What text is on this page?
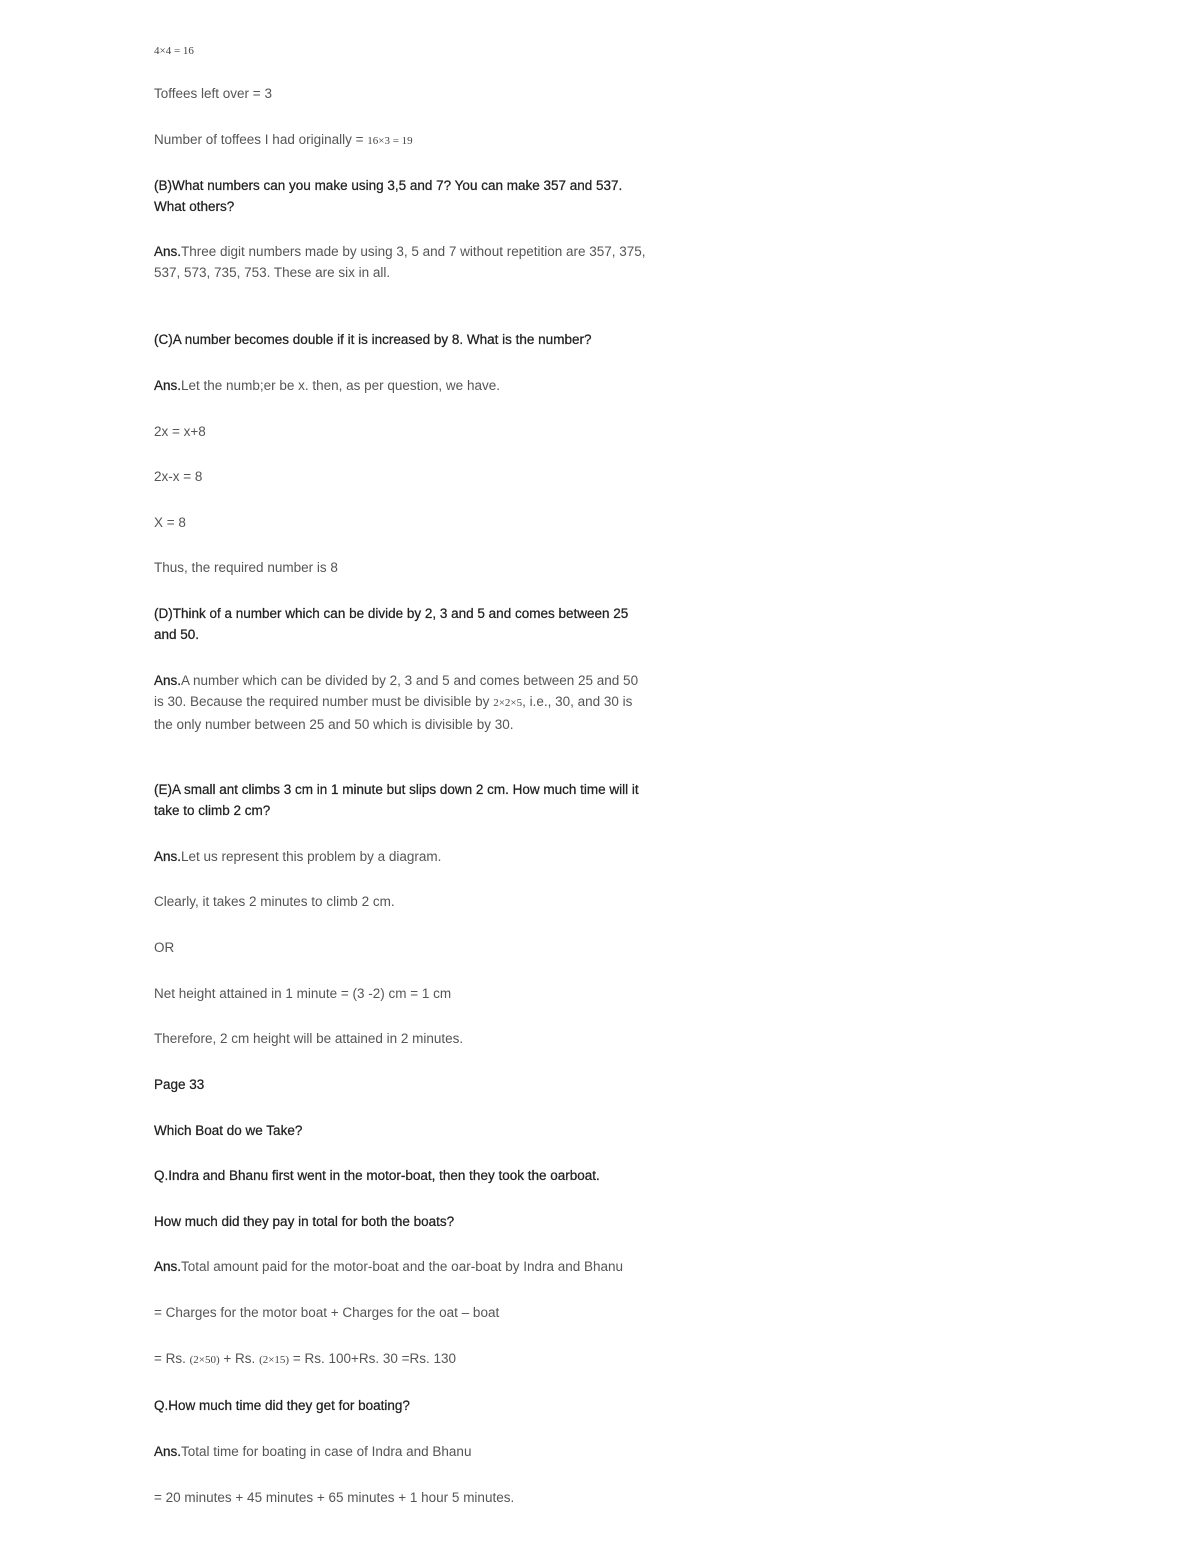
4×4 = 16
Toffees left over = 3
Number of toffees I had originally = 16×3 = 19
(B)What numbers can you make using 3,5 and 7? You can make 357 and 537. What others?
Ans.Three digit numbers made by using 3, 5 and 7 without repetition are 357, 375, 537, 573, 735, 753. These are six in all.
(C)A number becomes double if it is increased by 8. What is the number?
Ans.Let the numb;er be x. then, as per question, we have.
2x = x+8
2x-x = 8
X = 8
Thus, the required number is 8
(D)Think of a number which can be divide by 2, 3 and 5 and comes between 25 and 50.
Ans.A number which can be divided by 2, 3 and 5 and comes between 25 and 50 is 30. Because the required number must be divisible by 2×2×5, i.e., 30, and 30 is the only number between 25 and 50 which is divisible by 30.
(E)A small ant climbs 3 cm in 1 minute but slips down 2 cm. How much time will it take to climb 2 cm?
Ans.Let us represent this problem by a diagram.
Clearly, it takes 2 minutes to climb 2 cm.
OR
Net height attained in 1 minute = (3 -2) cm = 1 cm
Therefore, 2 cm height will be attained in 2 minutes.
Page 33
Which Boat do we Take?
Q.Indra and Bhanu first went in the motor-boat, then they took the oarboat.
How much did they pay in total for both the boats?
Ans.Total amount paid for the motor-boat and the oar-boat by Indra and Bhanu
= Charges for the motor boat + Charges for the oat – boat
= Rs. (2×50) + Rs. (2×15) = Rs. 100+Rs. 30 =Rs. 130
Q.How much time did they get for boating?
Ans.Total time for boating in case of Indra and Bhanu
= 20 minutes + 45 minutes + 65 minutes + 1 hour 5 minutes.
